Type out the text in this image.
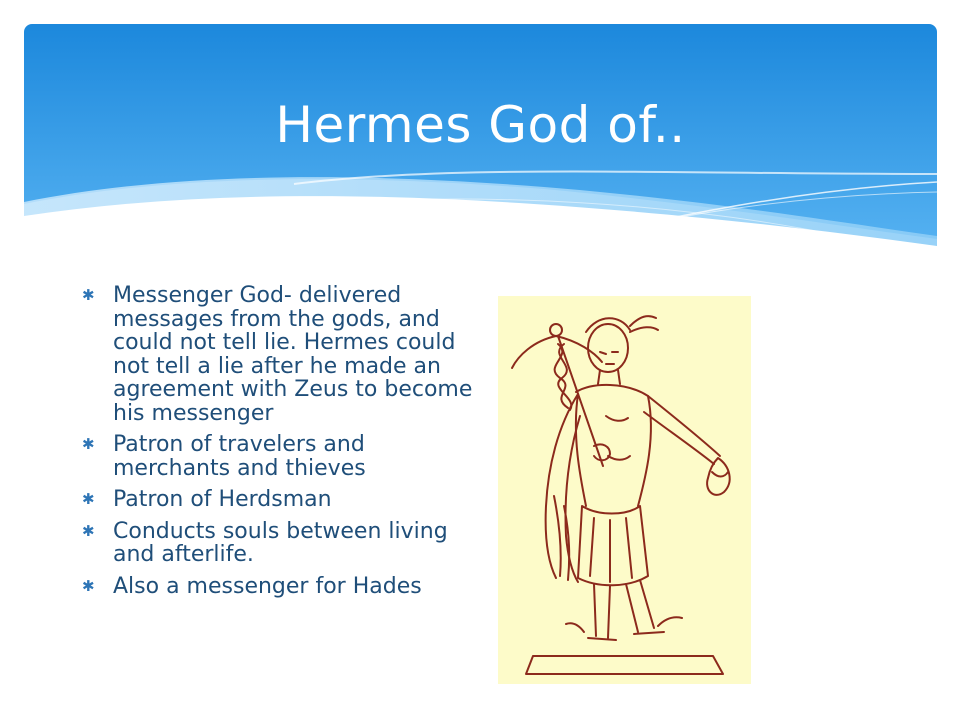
Hermes God of..
✱ Messenger God- delivered messages from the gods, and could not tell lie. Hermes could not tell a lie after he made an agreement with Zeus to become his messenger
✱ Patron of travelers and merchants and thieves
✱ Patron of Herdsman
✱ Conducts souls between living and afterlife.
✱ Also a messenger for Hades
